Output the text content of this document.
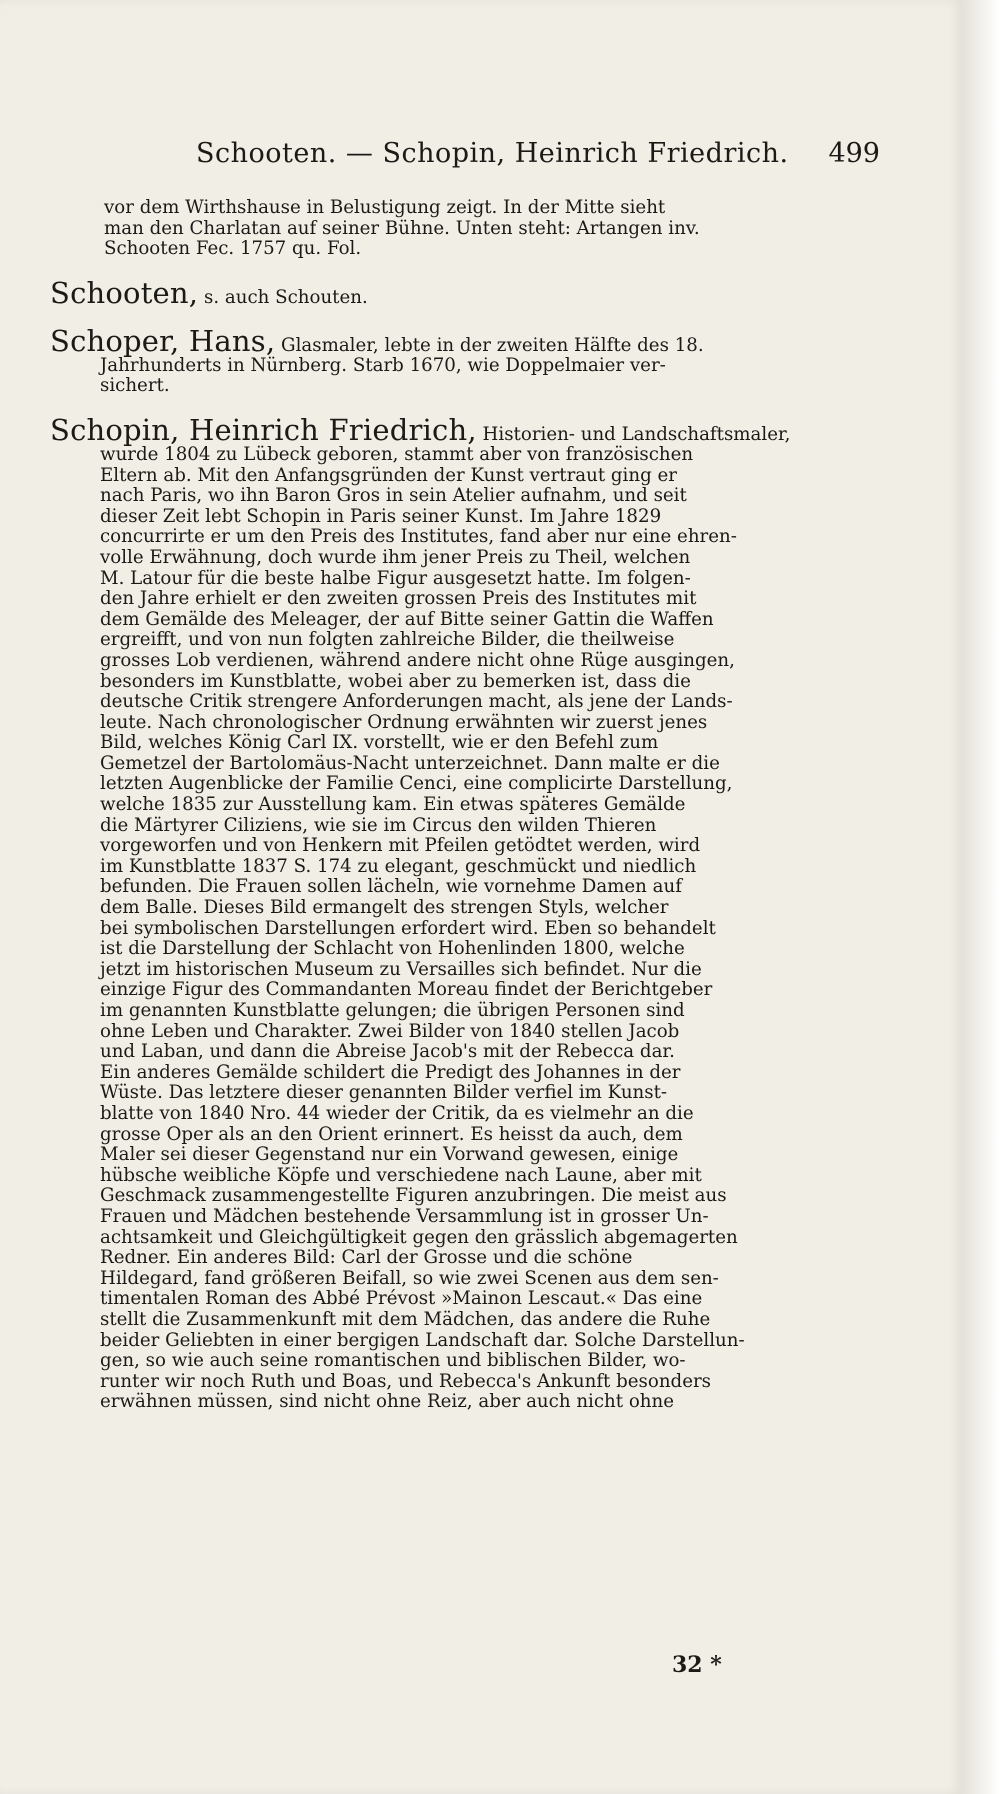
Schooten. — Schopin, Heinrich Friedrich. 499
vor dem Wirthshause in Belustigung zeigt. In der Mitte sieht
man den Charlatan auf seiner Bühne. Unten steht: Artangen inv.
Schooten Fec. 1757 qu. Fol.
Schooten, s. auch Schouten.
Schoper, Hans, Glasmaler, lebte in der zweiten Hälfte des 18.
Jahrhunderts in Nürnberg. Starb 1670, wie Doppelmaier ver-
sichert.
Schopin, Heinrich Friedrich, Historien- und Landschaftsmaler,
wurde 1804 zu Lübeck geboren, stammt aber von französischen
Eltern ab. Mit den Anfangsgründen der Kunst vertraut ging er
nach Paris, wo ihn Baron Gros in sein Atelier aufnahm, und seit
dieser Zeit lebt Schopin in Paris seiner Kunst. Im Jahre 1829
concurrirte er um den Preis des Institutes, fand aber nur eine ehren-
volle Erwähnung, doch wurde ihm jener Preis zu Theil, welchen
M. Latour für die beste halbe Figur ausgesetzt hatte. Im folgen-
den Jahre erhielt er den zweiten grossen Preis des Institutes mit
dem Gemälde des Meleager, der auf Bitte seiner Gattin die Waffen
ergreifft, und von nun folgten zahlreiche Bilder, die theilweise
grosses Lob verdienen, während andere nicht ohne Rüge ausgingen,
besonders im Kunstblatte, wobei aber zu bemerken ist, dass die
deutsche Critik strengere Anforderungen macht, als jene der Lands-
leute. Nach chronologischer Ordnung erwähnten wir zuerst jenes
Bild, welches König Carl IX. vorstellt, wie er den Befehl zum
Gemetzel der Bartolomäus-Nacht unterzeichnet. Dann malte er die
letzten Augenblicke der Familie Cenci, eine complicirte Darstellung,
welche 1835 zur Ausstellung kam. Ein etwas späteres Gemälde
die Märtyrer Ciliziens, wie sie im Circus den wilden Thieren
vorgeworfen und von Henkern mit Pfeilen getödtet werden, wird
im Kunstblatte 1837 S. 174 zu elegant, geschmückt und niedlich
befunden. Die Frauen sollen lächeln, wie vornehme Damen auf
dem Balle. Dieses Bild ermangelt des strengen Styls, welcher
bei symbolischen Darstellungen erfordert wird. Eben so behandelt
ist die Darstellung der Schlacht von Hohenlinden 1800, welche
jetzt im historischen Museum zu Versailles sich befindet. Nur die
einzige Figur des Commandanten Moreau findet der Berichtgeber
im genannten Kunstblatte gelungen; die übrigen Personen sind
ohne Leben und Charakter. Zwei Bilder von 1840 stellen Jacob
und Laban, und dann die Abreise Jacob's mit der Rebecca dar.
Ein anderes Gemälde schildert die Predigt des Johannes in der
Wüste. Das letztere dieser genannten Bilder verfiel im Kunst-
blatte von 1840 Nro. 44 wieder der Critik, da es vielmehr an die
grosse Oper als an den Orient erinnert. Es heisst da auch, dem
Maler sei dieser Gegenstand nur ein Vorwand gewesen, einige
hübsche weibliche Köpfe und verschiedene nach Laune, aber mit
Geschmack zusammengestellte Figuren anzubringen. Die meist aus
Frauen und Mädchen bestehende Versammlung ist in grosser Un-
achtsamkeit und Gleichgültigkeit gegen den grässlich abgemagerten
Redner. Ein anderes Bild: Carl der Grosse und die schöne
Hildegard, fand größeren Beifall, so wie zwei Scenen aus dem sen-
timentalen Roman des Abbé Prévost »Mainon Lescaut.« Das eine
stellt die Zusammenkunft mit dem Mädchen, das andere die Ruhe
beider Geliebten in einer bergigen Landschaft dar. Solche Darstellun-
gen, so wie auch seine romantischen und biblischen Bilder, wo-
runter wir noch Ruth und Boas, und Rebecca's Ankunft besonders
erwähnen müssen, sind nicht ohne Reiz, aber auch nicht ohne
32 *
